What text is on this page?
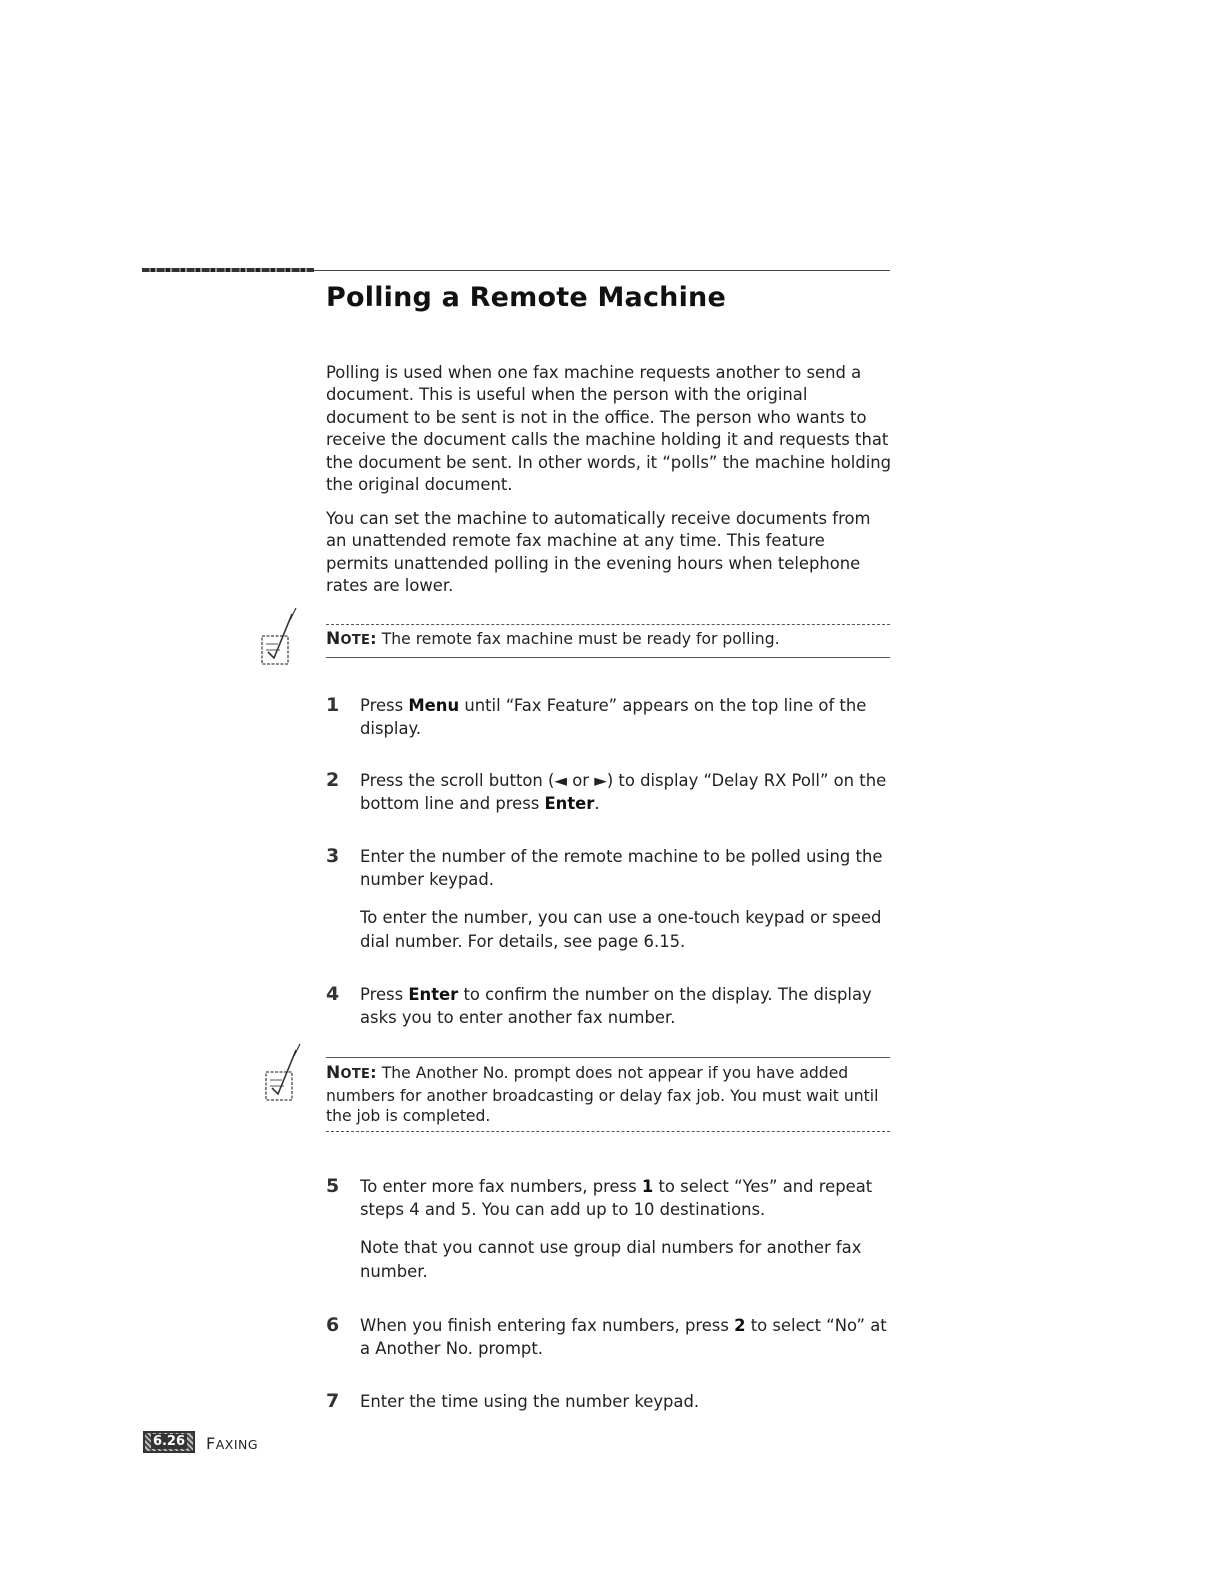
Polling a Remote Machine

Polling is used when one fax machine requests another to send a document. This is useful when the person with the original document to be sent is not in the office. The person who wants to receive the document calls the machine holding it and requests that the document be sent. In other words, it “polls” the machine holding the original document.

You can set the machine to automatically receive documents from an unattended remote fax machine at any time. This feature permits unattended polling in the evening hours when telephone rates are lower.

NOTE: The remote fax machine must be ready for polling.

1 Press Menu until “Fax Feature” appears on the top line of the display.

2 Press the scroll button (◄ or ►) to display “Delay RX Poll” on the bottom line and press Enter.

3 Enter the number of the remote machine to be polled using the number keypad.

To enter the number, you can use a one-touch keypad or speed dial number. For details, see page 6.15.

4 Press Enter to confirm the number on the display. The display asks you to enter another fax number.

NOTE: The Another No. prompt does not appear if you have added numbers for another broadcasting or delay fax job. You must wait until the job is completed.

5 To enter more fax numbers, press 1 to select “Yes” and repeat steps 4 and 5. You can add up to 10 destinations.

Note that you cannot use group dial numbers for another fax number.

6 When you finish entering fax numbers, press 2 to select “No” at a Another No. prompt.

7 Enter the time using the number keypad.

6.26	FAXING
